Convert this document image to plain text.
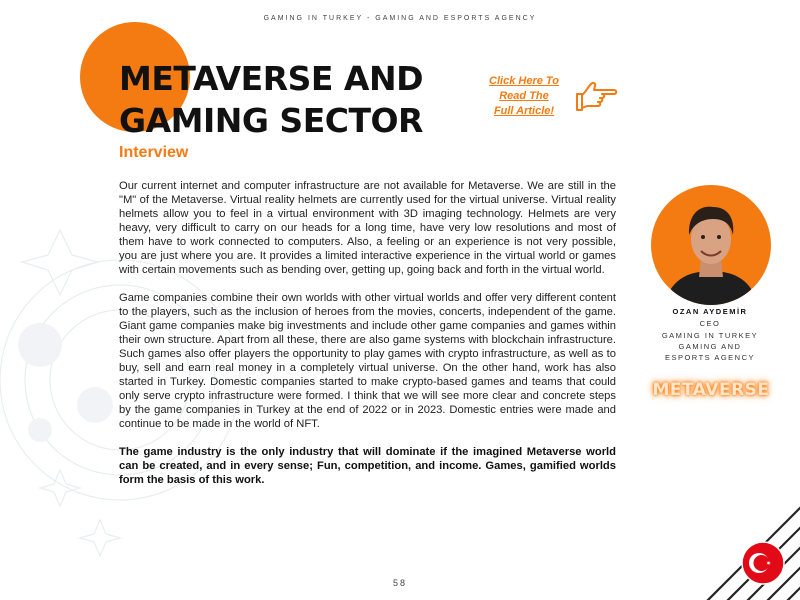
GAMING IN TURKEY - GAMING AND ESPORTS AGENCY
METAVERSE AND
GAMING SECTOR
Interview
Click Here To
Read The
Full Article!

Our current internet and computer infrastructure are not available for Metaverse. We are still in the "M" of the Metaverse. Virtual reality helmets are currently used for the virtual universe. Virtual reality helmets allow you to feel in a virtual environment with 3D imaging technology. Helmets are very heavy, very difficult to carry on our heads for a long time, have very low resolutions and most of them have to work connected to computers. Also, a feeling or an experience is not very possible, you are just where you are. It provides a limited interactive experience in the virtual world or games with certain movements such as bending over, getting up, going back and forth in the virtual world.

Game companies combine their own worlds with other virtual worlds and offer very different content to the players, such as the inclusion of heroes from the movies, concerts, independent of the game. Giant game companies make big investments and include other game companies and games within their own structure. Apart from all these, there are also game systems with blockchain infrastructure. Such games also offer players the opportunity to play games with crypto infrastructure, as well as to buy, sell and earn real money in a completely virtual universe. On the other hand, work has also started in Turkey. Domestic companies started to make crypto-based games and teams that could only serve crypto infrastructure were formed. I think that we will see more clear and concrete steps by the game companies in Turkey at the end of 2022 or in 2023. Domestic entries were made and continue to be made in the world of NFT.

The game industry is the only industry that will dominate if the imagined Metaverse world can be created, and in every sense; Fun, competition, and income. Games, gamified worlds form the basis of this work.

OZAN AYDEMİR
CEO
GAMING IN TURKEY
GAMING AND
ESPORTS AGENCY
METAVERSE
58
